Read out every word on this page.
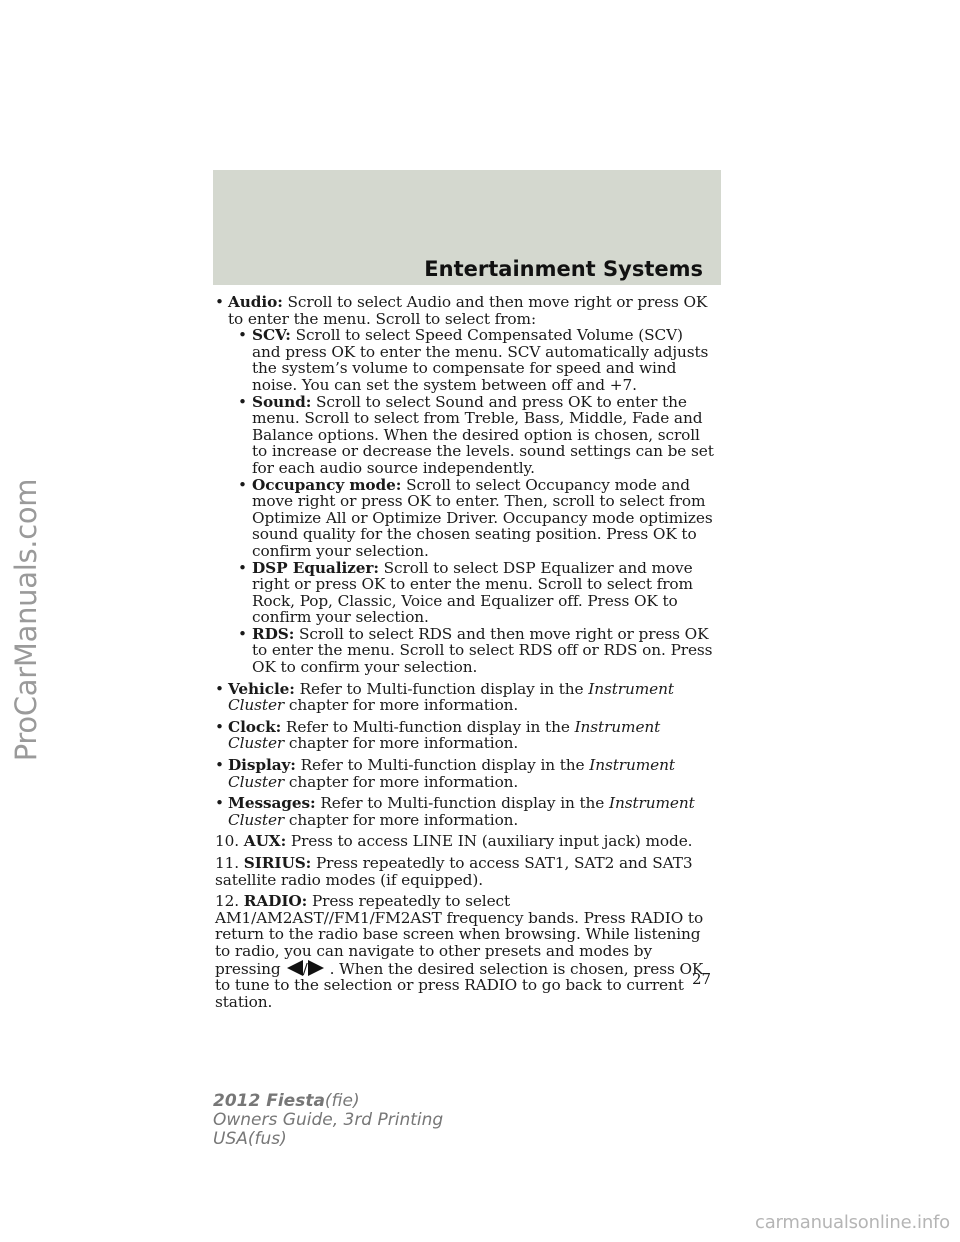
Entertainment Systems
• Audio: Scroll to select Audio and then move right or press OK to enter the menu. Scroll to select from:
• SCV: Scroll to select Speed Compensated Volume (SCV) and press OK to enter the menu. SCV automatically adjusts the system’s volume to compensate for speed and wind noise. You can set the system between off and +7.
• Sound: Scroll to select Sound and press OK to enter the menu. Scroll to select from Treble, Bass, Middle, Fade and Balance options. When the desired option is chosen, scroll to increase or decrease the levels. sound settings can be set for each audio source independently.
• Occupancy mode: Scroll to select Occupancy mode and move right or press OK to enter. Then, scroll to select from Optimize All or Optimize Driver. Occupancy mode optimizes sound quality for the chosen seating position. Press OK to confirm your selection.
• DSP Equalizer: Scroll to select DSP Equalizer and move right or press OK to enter the menu. Scroll to select from Rock, Pop, Classic, Voice and Equalizer off. Press OK to confirm your selection.
• RDS: Scroll to select RDS and then move right or press OK to enter the menu. Scroll to select RDS off or RDS on. Press OK to confirm your selection.
• Vehicle: Refer to Multi-function display in the Instrument Cluster chapter for more information.
• Clock: Refer to Multi-function display in the Instrument Cluster chapter for more information.
• Display: Refer to Multi-function display in the Instrument Cluster chapter for more information.
• Messages: Refer to Multi-function display in the Instrument Cluster chapter for more information.
10. AUX: Press to access LINE IN (auxiliary input jack) mode.
11. SIRIUS: Press repeatedly to access SAT1, SAT2 and SAT3 satellite radio modes (if equipped).
12. RADIO: Press repeatedly to select AM1/AM2AST//FM1/FM2AST frequency bands. Press RADIO to return to the radio base screen when browsing. While listening to radio, you can navigate to other presets and modes by pressing / . When the desired selection is chosen, press OK to tune to the selection or press RADIO to go back to current station.
27
2012 Fiesta(fie)
Owners Guide, 3rd Printing
USA(fus)
ProCarManuals.com
carmanualsonline.info
